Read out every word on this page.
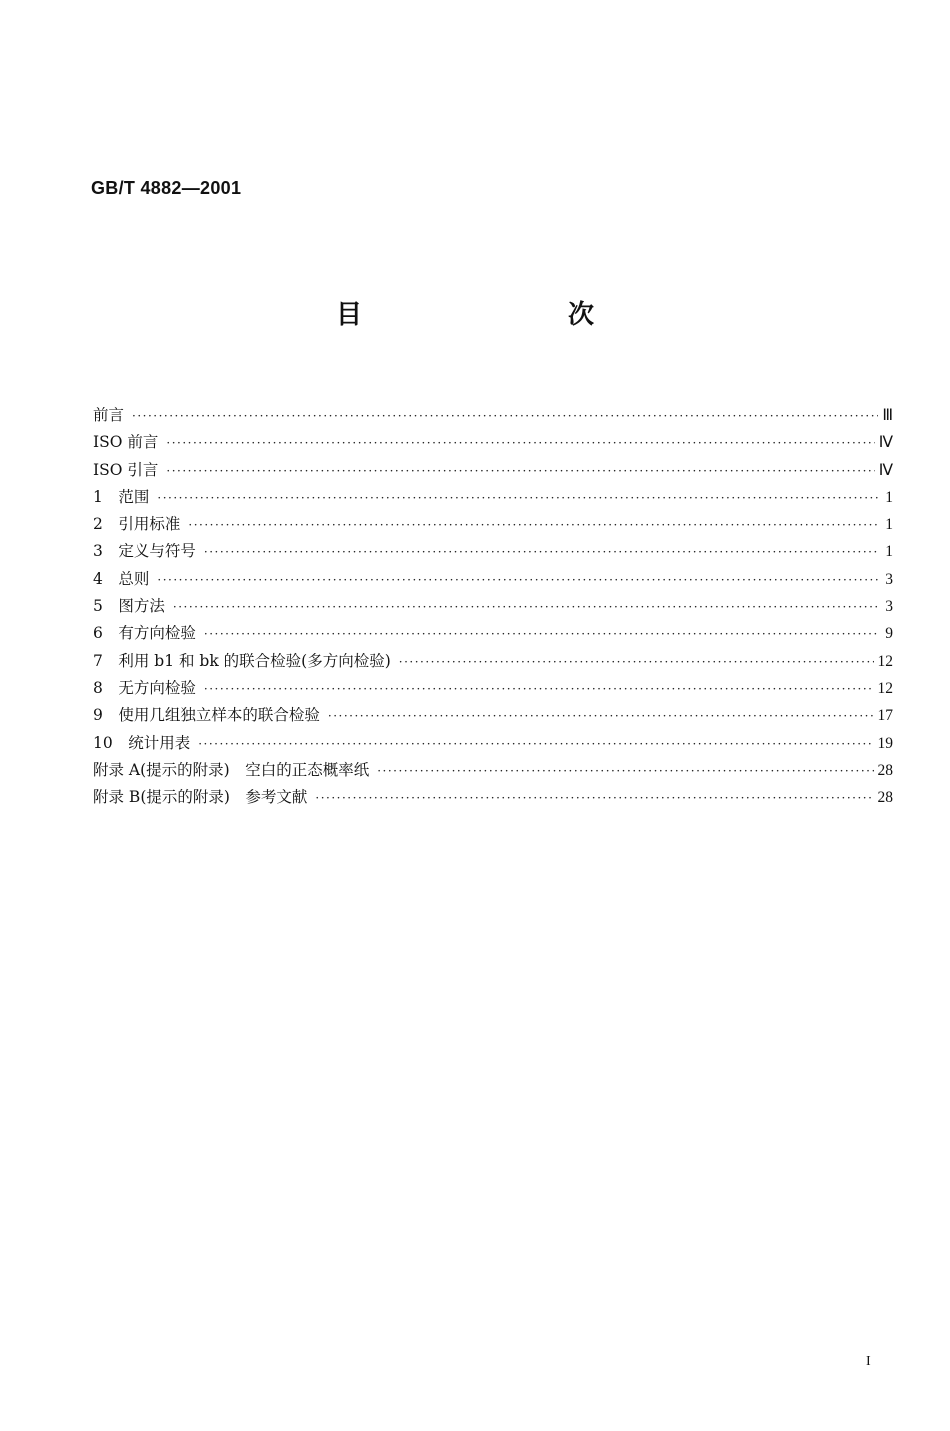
GB/T 4882—2001
目　次
前言 ·····	Ⅲ
ISO 前言 ·····	Ⅳ
ISO 引言 ·····	Ⅳ
1　范围 ·····	1
2　引用标准 ·····	1
3　定义与符号 ·····	1
4　总则 ·····	3
5　图方法 ·····	3
6　有方向检验 ·····	9
7　利用 b1 和 bk 的联合检验(多方向检验) ·····	12
8　无方向检验 ·····	12
9　使用几组独立样本的联合检验 ·····	17
10　统计用表 ·····	19
附录 A(提示的附录)　空白的正态概率纸 ·····	28
附录 B(提示的附录)　参考文献 ·····	28
I
